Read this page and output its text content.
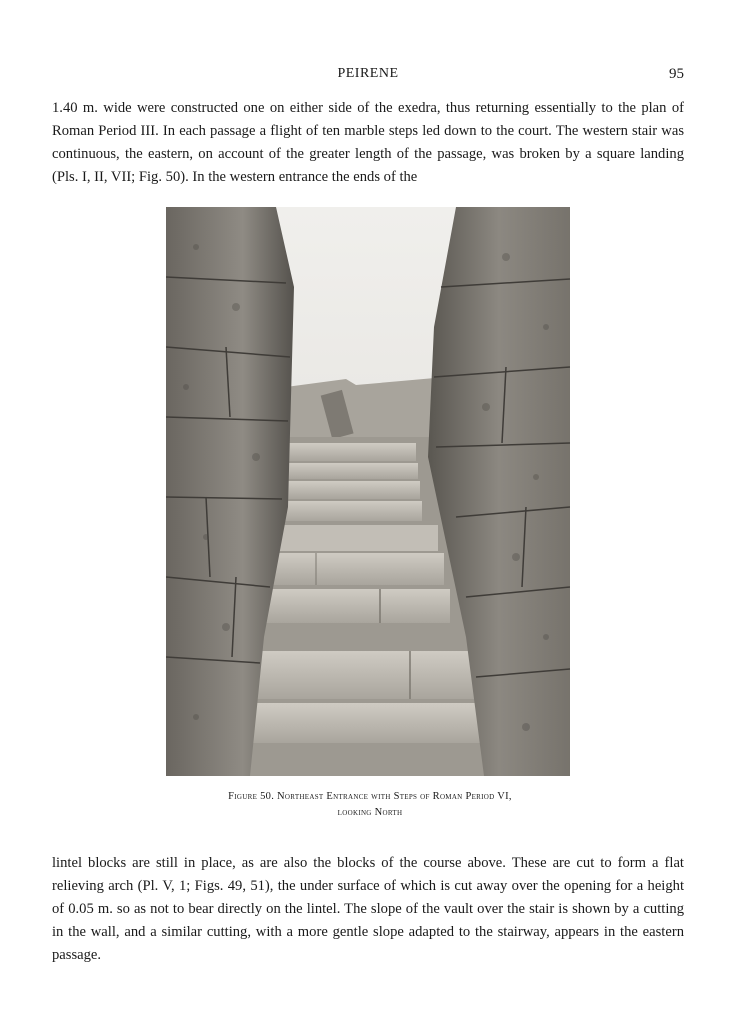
PEIRENE	95

1.40 m. wide were constructed one on either side of the exedra, thus returning essentially to the plan of Roman Period III. In each passage a flight of ten marble steps led down to the court. The western stair was continuous, the eastern, on account of the greater length of the passage, was broken by a square landing (Pls. I, II, VII; Fig. 50). In the western entrance the ends of the

Figure 50. Northeast Entrance with Steps of Roman Period VI,
looking North

lintel blocks are still in place, as are also the blocks of the course above. These are cut to form a flat relieving arch (Pl. V, 1; Figs. 49, 51), the under surface of which is cut away over the opening for a height of 0.05 m. so as not to bear directly on the lintel. The slope of the vault over the stair is shown by a cutting in the wall, and a similar cutting, with a more gentle slope adapted to the stairway, appears in the eastern passage.
